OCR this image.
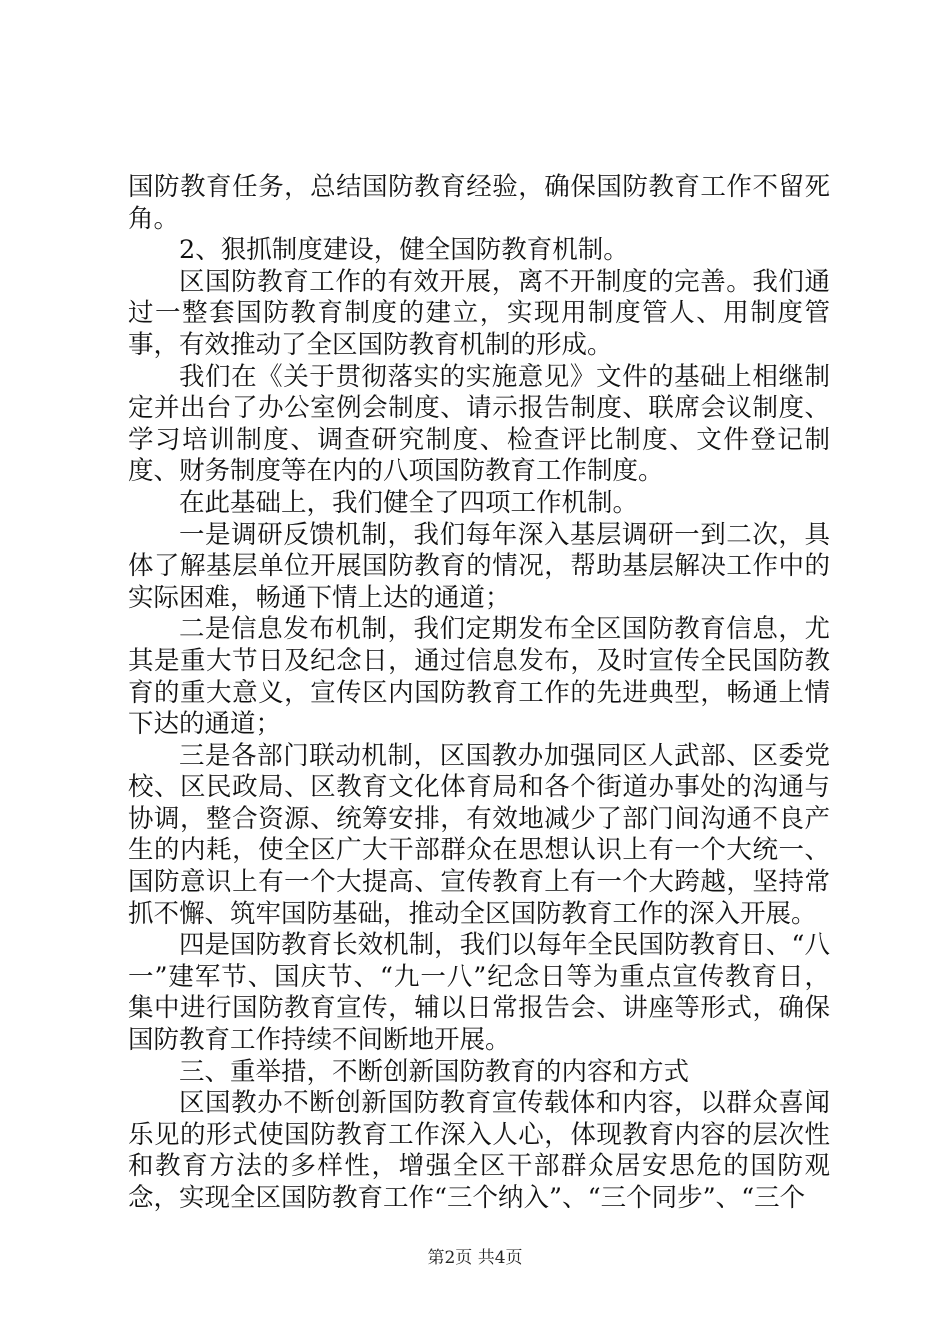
国防教育任务，总结国防教育经验，确保国防教育工作不留死角。

2、狠抓制度建设，健全国防教育机制。

区国防教育工作的有效开展，离不开制度的完善。我们通过一整套国防教育制度的建立，实现用制度管人、用制度管事，有效推动了全区国防教育机制的形成。

我们在《关于贯彻落实的实施意见》文件的基础上相继制定并出台了办公室例会制度、请示报告制度、联席会议制度、学习培训制度、调查研究制度、检查评比制度、文件登记制度、财务制度等在内的八项国防教育工作制度。

在此基础上，我们健全了四项工作机制。

一是调研反馈机制，我们每年深入基层调研一到二次，具体了解基层单位开展国防教育的情况，帮助基层解决工作中的实际困难，畅通下情上达的通道；

二是信息发布机制，我们定期发布全区国防教育信息，尤其是重大节日及纪念日，通过信息发布，及时宣传全民国防教育的重大意义，宣传区内国防教育工作的先进典型，畅通上情下达的通道；

三是各部门联动机制，区国教办加强同区人武部、区委党校、区民政局、区教育文化体育局和各个街道办事处的沟通与协调，整合资源、统筹安排，有效地减少了部门间沟通不良产生的内耗，使全区广大干部群众在思想认识上有一个大统一、国防意识上有一个大提高、宣传教育上有一个大跨越，坚持常抓不懈、筑牢国防基础，推动全区国防教育工作的深入开展。

四是国防教育长效机制，我们以每年全民国防教育日、“八一”建军节、国庆节、“九一八”纪念日等为重点宣传教育日，集中进行国防教育宣传，辅以日常报告会、讲座等形式，确保国防教育工作持续不间断地开展。

三、重举措，不断创新国防教育的内容和方式

区国教办不断创新国防教育宣传载体和内容，以群众喜闻乐见的形式使国防教育工作深入人心，体现教育内容的层次性和教育方法的多样性，增强全区干部群众居安思危的国防观念，实现全区国防教育工作“三个纳入”、“三个同步”、“三个

第2页 共4页
